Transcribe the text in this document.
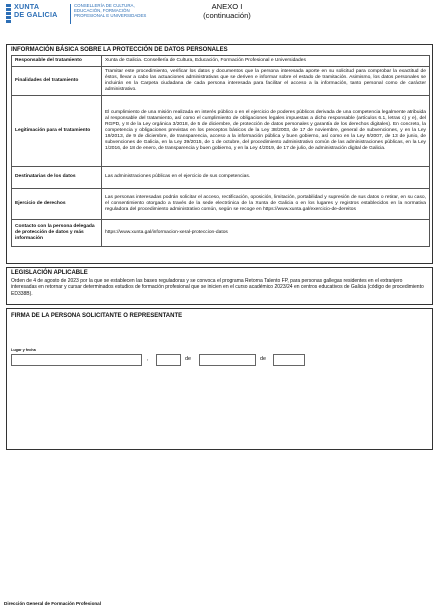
XUNTA
DE GALICIA
CONSELLERÍA DE CULTURA,
EDUCACIÓN, FORMACIÓN
PROFESIONAL E UNIVERSIDADES
ANEXO I
(continuación)
INFORMACIÓN BÁSICA SOBRE LA PROTECCIÓN DE DATOS PERSONALES
Responsable del tratamiento	Xunta de Galicia. Consellería de Cultura, Educación, Formación Profesional e Universidades
Finalidades del tratamiento	Tramitar este procedimiento, verificar los datos y documentos que la persona interesada aporte en su solicitud para comprobar la exactitud de éstos, llevar a cabo las actuaciones administrativas que se deriven e informar sobre el estado de tramitación. Asimismo, los datos personales se incluirán en la Carpeta ciudadana de cada persona interesada para facilitar el acceso a la información, tanto personal como de carácter administrativo.
Legitimación para el tratamiento	El cumplimiento de una misión realizada en interés público o en el ejercicio de poderes públicos derivada de una competencia legalmente atribuida al responsable del tratamiento, así como el cumplimiento de obligaciones legales impuestas a dicho responsable (artículos 6.1, letras c) y e), del RGPD, y 8 de la Ley orgánica 3/2018, de 5 de diciembre, de protección de datos personales y garantía de los derechos digitales). En concreto, la competencia y obligaciones previstas en los preceptos básicos de la Ley 38/2003, de 17 de noviembre, general de subvenciones, y en la Ley 19/2013, de 9 de diciembre, de transparencia, acceso a la información pública y buen gobierno, así como en la Ley 9/2007, de 13 de junio, de subvenciones de Galicia, en la Ley 39/2015, de 1 de octubre, del procedimiento administrativo común de las administraciones públicas, en la Ley 1/2016, de 18 de enero, de transparencia y buen gobierno, y en la Ley 4/2019, de 17 de julio, de administración digital de Galicia.
Destinatarias de los datos	Las administraciones públicas en el ejercicio de sus competencias.
Ejercicio de derechos	Las personas interesadas podrán solicitar el acceso, rectificación, oposición, limitación, portabilidad y supresión de sus datos o retirar, en su caso, el consentimiento otorgado a través de la sede electrónica de la Xunta de Galicia o en los lugares y registros establecidos en la normativa reguladora del procedimiento administrativo común, según se recoge en https://www.xunta.gal/exercicio-de-dereitos
Contacto con la persona delegada de protección de datos y más información	https://www.xunta.gal/informacion-xeral-proteccion-datos
LEGISLACIÓN APLICABLE
Orden de 4 de agosto de 2023 por la que se establecen las bases reguladoras y se convoca el programa Retorna Talento FP, para personas gallegas residentes en el extranjero interesadas en retornar y cursar determinados estudios de formación profesional que se inicien en el curso académico 2023/24 en centros educativos de Galicia (código de procedimiento ED338B).
FIRMA DE LA PERSONA SOLICITANTE O REPRESENTANTE
Lugar y fecha
,	de	de
Dirección General de Formación Profesional
